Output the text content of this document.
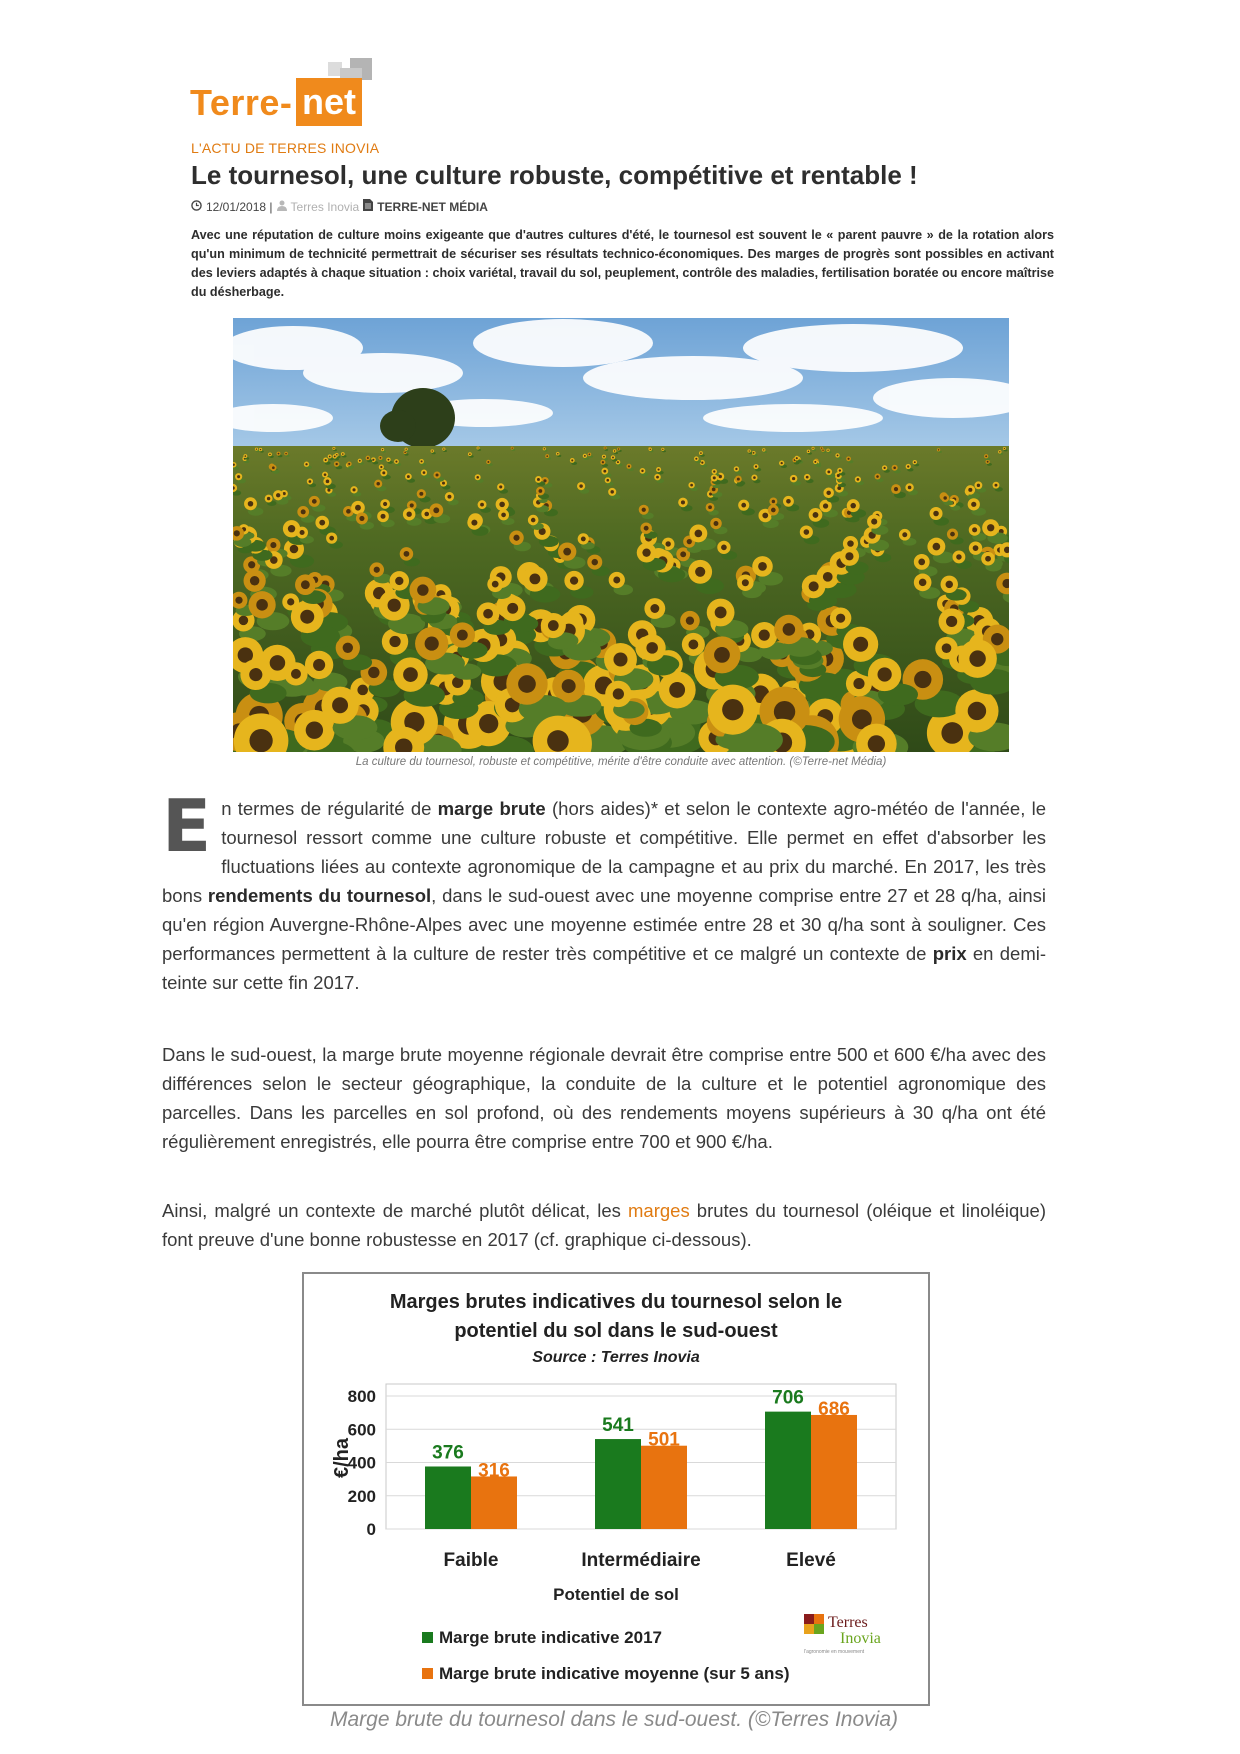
Terre- net
L'ACTU DE TERRES INOVIA
Le tournesol, une culture robuste, compétitive et rentable !
12/01/2018 | Terres Inovia TERRE-NET MÉDIA
Avec une réputation de culture moins exigeante que d'autres cultures d'été, le tournesol est souvent le « parent pauvre » de la rotation alors qu'un minimum de technicité permettrait de sécuriser ses résultats technico-économiques. Des marges de progrès sont possibles en activant des leviers adaptés à chaque situation : choix variétal, travail du sol, peuplement, contrôle des maladies, fertilisation boratée ou encore maîtrise du désherbage.
La culture du tournesol, robuste et compétitive, mérite d'être conduite avec attention. (©Terre-net Média)
En termes de régularité de marge brute (hors aides)* et selon le contexte agro-météo de l'année, le tournesol ressort comme une culture robuste et compétitive. Elle permet en effet d'absorber les fluctuations liées au contexte agronomique de la campagne et au prix du marché. En 2017, les très bons rendements du tournesol, dans le sud-ouest avec une moyenne comprise entre 27 et 28 q/ha, ainsi qu'en région Auvergne-Rhône-Alpes avec une moyenne estimée entre 28 et 30 q/ha sont à souligner. Ces performances permettent à la culture de rester très compétitive et ce malgré un contexte de prix en demi-teinte sur cette fin 2017.
Dans le sud-ouest, la marge brute moyenne régionale devrait être comprise entre 500 et 600 €/ha avec des différences selon le secteur géographique, la conduite de la culture et le potentiel agronomique des parcelles. Dans les parcelles en sol profond, où des rendements moyens supérieurs à 30 q/ha ont été régulièrement enregistrés, elle pourra être comprise entre 700 et 900 €/ha.
Ainsi, malgré un contexte de marché plutôt délicat, les marges brutes du tournesol (oléique et linoléique) font preuve d'une bonne robustesse en 2017 (cf. graphique ci-dessous).
Marges brutes indicatives du tournesol selon le
potentiel du sol dans le sud-ouest
Source : Terres Inovia
€/ha
Potentiel de sol
800
600
400
200
0
376
316
Faible
541
501
Intermédiaire
706
686
Elevé
Marge brute indicative 2017
Marge brute indicative moyenne (sur 5 ans)
Terres
Inovia
l'agronomie en mouvement
Marge brute du tournesol dans le sud-ouest. (©Terres Inovia)
